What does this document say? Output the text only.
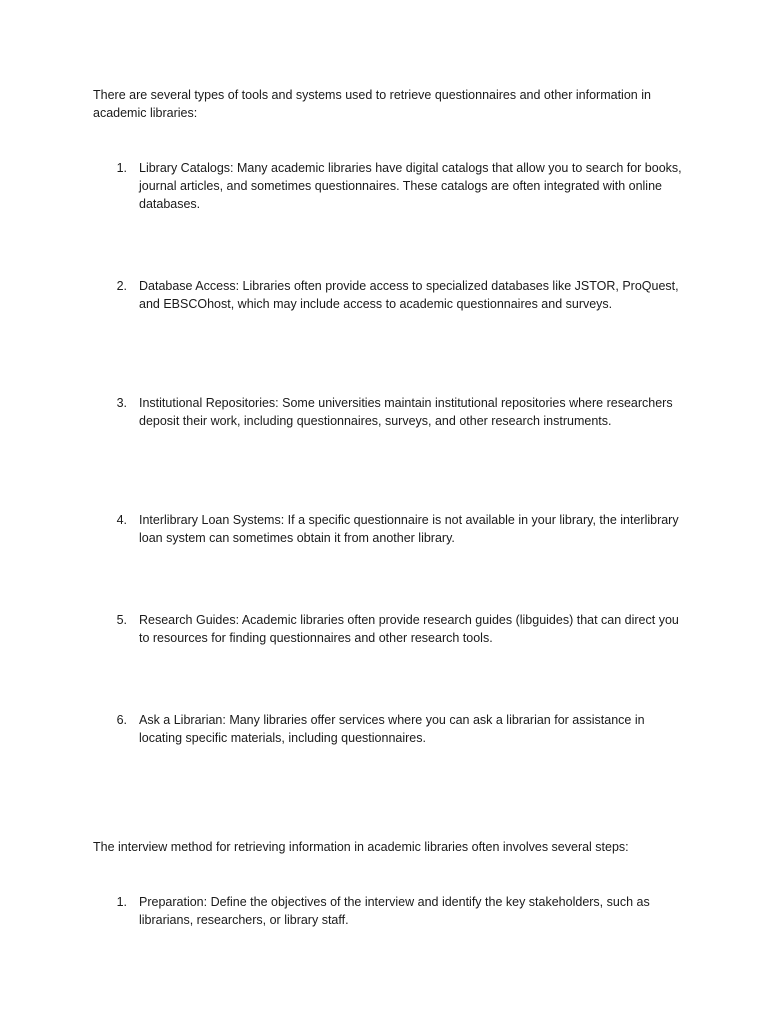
There are several types of tools and systems used to retrieve questionnaires and other information in academic libraries:

1. Library Catalogs: Many academic libraries have digital catalogs that allow you to search for books, journal articles, and sometimes questionnaires. These catalogs are often integrated with online databases.
2. Database Access: Libraries often provide access to specialized databases like JSTOR, ProQuest, and EBSCOhost, which may include access to academic questionnaires and surveys.
3. Institutional Repositories: Some universities maintain institutional repositories where researchers deposit their work, including questionnaires, surveys, and other research instruments.
4. Interlibrary Loan Systems: If a specific questionnaire is not available in your library, the interlibrary loan system can sometimes obtain it from another library.
5. Research Guides: Academic libraries often provide research guides (libguides) that can direct you to resources for finding questionnaires and other research tools.
6. Ask a Librarian: Many libraries offer services where you can ask a librarian for assistance in locating specific materials, including questionnaires.

The interview method for retrieving information in academic libraries often involves several steps:

1. Preparation: Define the objectives of the interview and identify the key stakeholders, such as librarians, researchers, or library staff.
